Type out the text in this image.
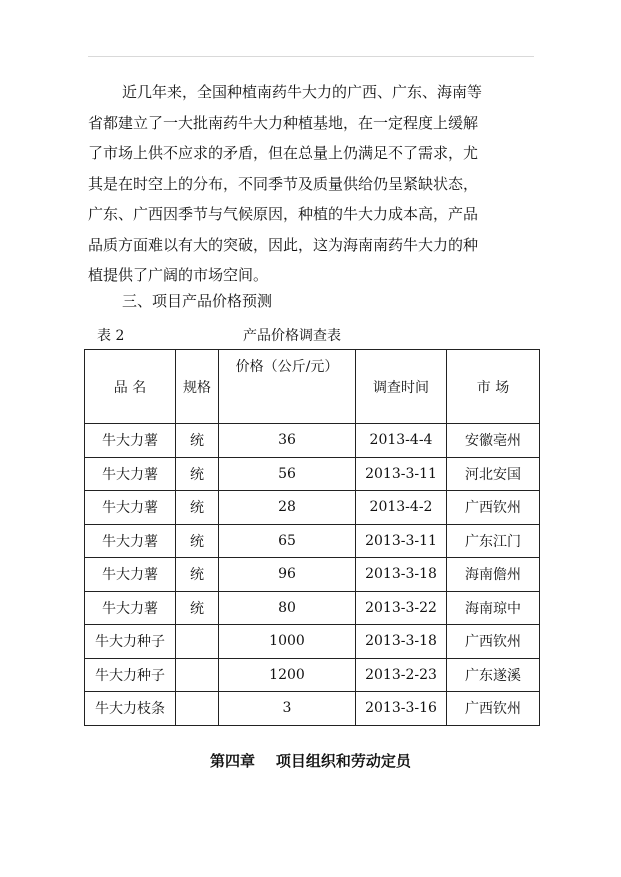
近几年来，全国种植南药牛大力的广西、广东、海南等
省都建立了一大批南药牛大力种植基地，在一定程度上缓解
了市场上供不应求的矛盾，但在总量上仍满足不了需求，尤
其是在时空上的分布，不同季节及质量供给仍呈紧缺状态，
广东、广西因季节与气候原因，种植的牛大力成本高，产品
品质方面难以有大的突破，因此，这为海南南药牛大力的种
植提供了广阔的市场空间。

三、项目产品价格预测
表 2	产品价格调查表
品 名	规格	价格（公斤/元）	调查时间	市 场
牛大力薯	统	36	2013-4-4	安徽亳州
牛大力薯	统	56	2013-3-11	河北安国
牛大力薯	统	28	2013-4-2	广西钦州
牛大力薯	统	65	2013-3-11	广东江门
牛大力薯	统	96	2013-3-18	海南儋州
牛大力薯	统	80	2013-3-22	海南琼中
牛大力种子		1000	2013-3-18	广西钦州
牛大力种子		1200	2013-2-23	广东遂溪
牛大力枝条		3	2013-3-16	广西钦州
第四章    项目组织和劳动定员
